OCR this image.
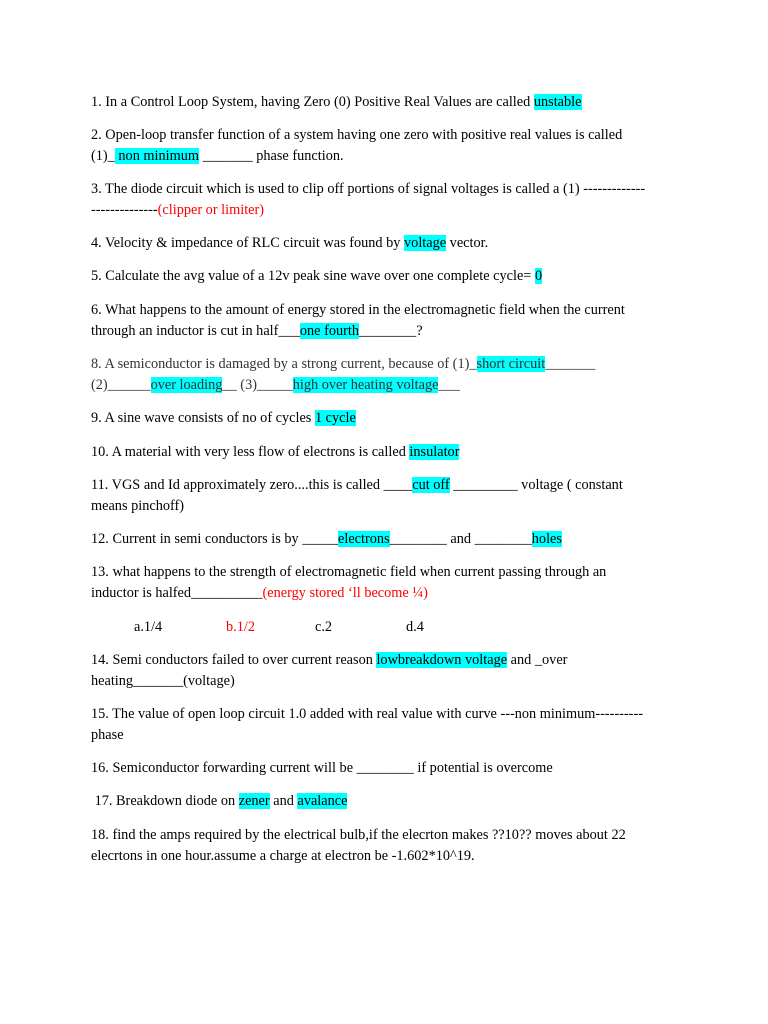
1. In a Control Loop System, having Zero (0) Positive Real Values are called unstable

2. Open-loop transfer function of a system having one zero with positive real values is called
(1)_ non minimum _______ phase function.

3. The diode circuit which is used to clip off portions of signal voltages is called a (1) -------------
--------------(clipper or limiter)

4. Velocity & impedance of RLC circuit was found by voltage vector.

5. Calculate the avg value of a 12v peak sine wave over one complete cycle= 0

6. What happens to the amount of energy stored in the electromagnetic field when the current
through an inductor is cut in half___one fourth________?

8. A semiconductor is damaged by a strong current, because of (1)_short circuit_______
(2)______over loading__ (3)_____high over heating voltage___

9. A sine wave consists of no of cycles 1 cycle

10. A material with very less flow of electrons is called insulator

11. VGS and Id approximately zero....this is called ____cut off _________ voltage ( constant
means pinchoff)

12. Current in semi conductors is by _____electrons________ and ________holes

13. what happens to the strength of electromagnetic field when current passing through an
inductor is halfed__________(energy stored ‘ll become ¼)

a.1/4	b.1/2	c.2	d.4

14. Semi conductors failed to over current reason lowbreakdown voltage and _over
heating_______(voltage)

15. The value of open loop circuit 1.0 added with real value with curve ---non minimum----------
phase

16. Semiconductor forwarding current will be ________ if potential is overcome

17. Breakdown diode on zener and avalance

18. find the amps required by the electrical bulb,if the elecrton makes ??10?? moves about 22
elecrtons in one hour.assume a charge at electron be -1.602*10^19.
